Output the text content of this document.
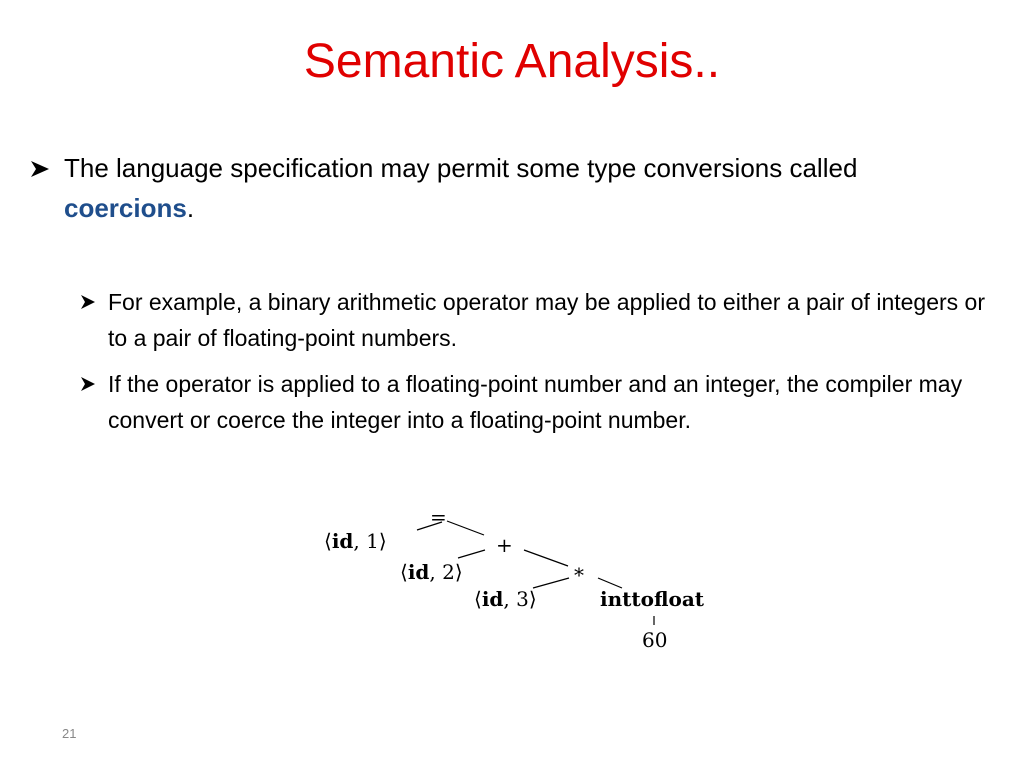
Semantic Analysis..
The language specification may permit some type conversions called coercions.
For example, a binary arithmetic operator may be applied to either a pair of integers or to a pair of floating-point numbers.
If the operator is applied to a floating-point number and an integer, the compiler may convert or coerce the integer into a floating-point number.
=
⟨id, 1⟩	+
⟨id, 2⟩	*
⟨id, 3⟩	inttofloat
60
21
